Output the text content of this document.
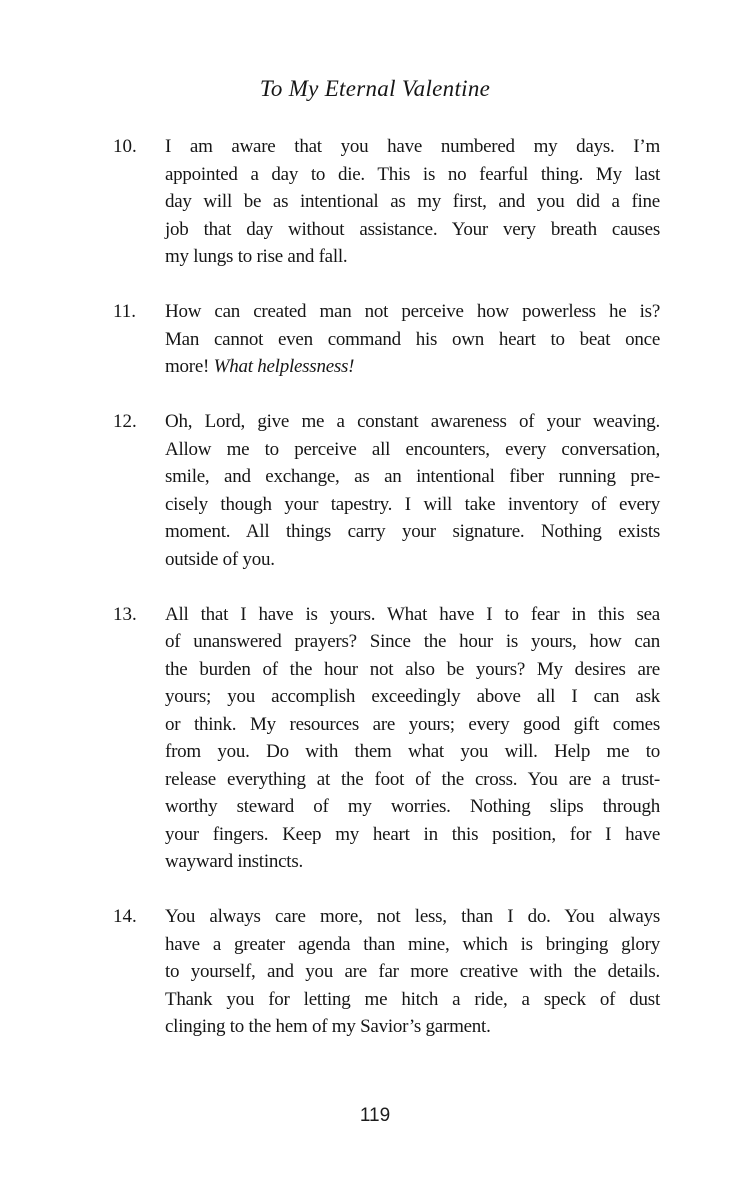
To My Eternal Valentine
10.	I am aware that you have numbered my days. I’m
appointed a day to die. This is no fearful thing. My last
day will be as intentional as my first, and you did a fine
job that day without assistance. Your very breath causes
my lungs to rise and fall.
11.	How can created man not perceive how powerless he is?
Man cannot even command his own heart to beat once
more! What helplessness!
12.	Oh, Lord, give me a constant awareness of your weaving.
Allow me to perceive all encounters, every conversation,
smile, and exchange, as an intentional fiber running pre-
cisely though your tapestry. I will take inventory of every
moment. All things carry your signature. Nothing exists
outside of you.
13.	All that I have is yours. What have I to fear in this sea
of unanswered prayers? Since the hour is yours, how can
the burden of the hour not also be yours? My desires are
yours; you accomplish exceedingly above all I can ask
or think. My resources are yours; every good gift comes
from you. Do with them what you will. Help me to
release everything at the foot of the cross. You are a trust-
worthy steward of my worries. Nothing slips through
your fingers. Keep my heart in this position, for I have
wayward instincts.
14.	You always care more, not less, than I do. You always
have a greater agenda than mine, which is bringing glory
to yourself, and you are far more creative with the details.
Thank you for letting me hitch a ride, a speck of dust
clinging to the hem of my Savior’s garment.
119
